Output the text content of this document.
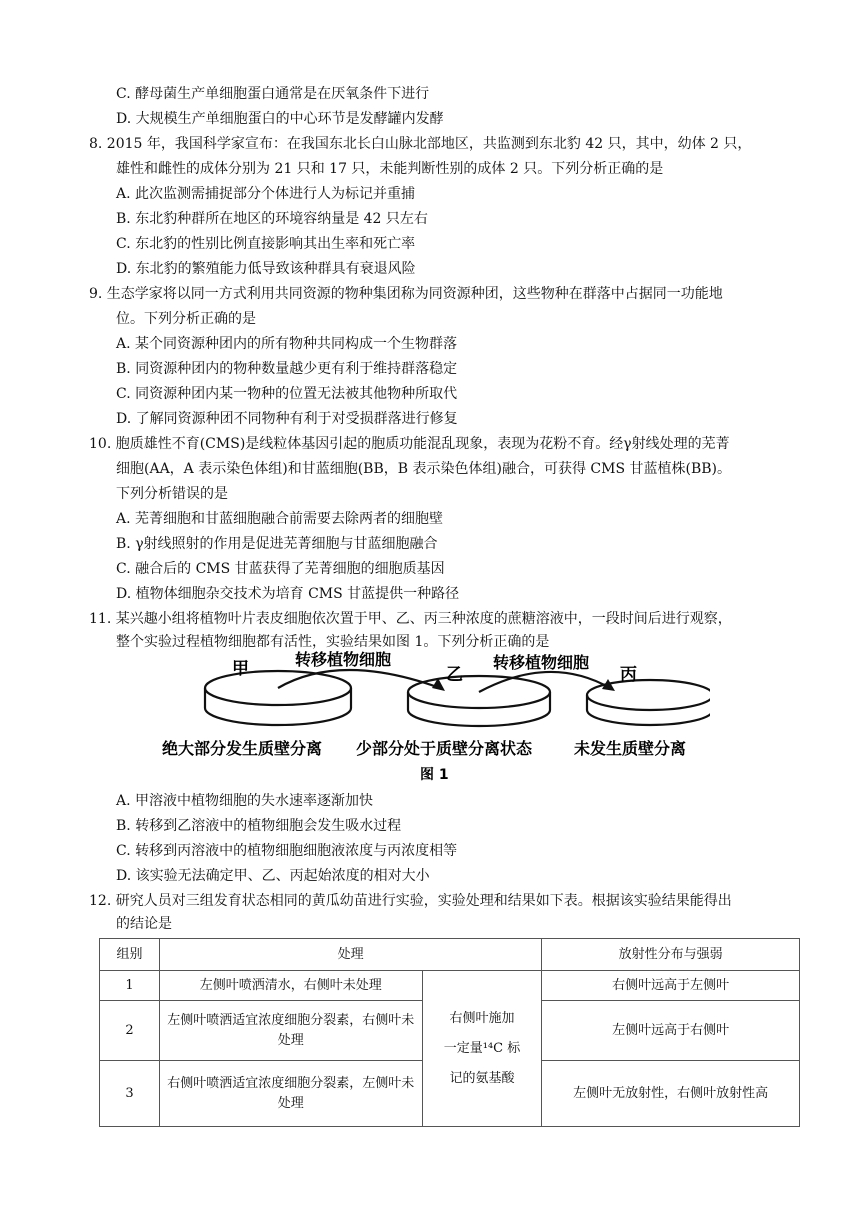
C. 酵母菌生产单细胞蛋白通常是在厌氧条件下进行
D. 大规模生产单细胞蛋白的中心环节是发酵罐内发酵
8. 2015 年，我国科学家宣布：在我国东北长白山脉北部地区，共监测到东北豹 42 只，其中，幼体 2 只，
雄性和雌性的成体分别为 21 只和 17 只，未能判断性别的成体 2 只。下列分析正确的是
A. 此次监测需捕捉部分个体进行人为标记并重捕
B. 东北豹种群所在地区的环境容纳量是 42 只左右
C. 东北豹的性别比例直接影响其出生率和死亡率
D. 东北豹的繁殖能力低导致该种群具有衰退风险
9. 生态学家将以同一方式利用共同资源的物种集团称为同资源种团，这些物种在群落中占据同一功能地
位。下列分析正确的是
A. 某个同资源种团内的所有物种共同构成一个生物群落
B. 同资源种团内的物种数量越少更有利于维持群落稳定
C. 同资源种团内某一物种的位置无法被其他物种所取代
D. 了解同资源种团不同物种有利于对受损群落进行修复
10. 胞质雄性不育(CMS)是线粒体基因引起的胞质功能混乱现象，表现为花粉不育。经γ射线处理的芜菁
细胞(AA，A 表示染色体组)和甘蓝细胞(BB，B 表示染色体组)融合，可获得 CMS 甘蓝植株(BB)。
下列分析错误的是
A. 芜菁细胞和甘蓝细胞融合前需要去除两者的细胞壁
B. γ射线照射的作用是促进芜菁细胞与甘蓝细胞融合
C. 融合后的 CMS 甘蓝获得了芜菁细胞的细胞质基因
D. 植物体细胞杂交技术为培育 CMS 甘蓝提供一种路径
11. 某兴趣小组将植物叶片表皮细胞依次置于甲、乙、丙三种浓度的蔗糖溶液中，一段时间后进行观察，
整个实验过程植物细胞都有活性，实验结果如图 1。下列分析正确的是
甲	乙	丙
转移植物细胞	转移植物细胞
绝大部分发生质壁分离 少部分处于质壁分离状态	未发生质壁分离
图 1
A. 甲溶液中植物细胞的失水速率逐渐加快
B. 转移到乙溶液中的植物细胞会发生吸水过程
C. 转移到丙溶液中的植物细胞细胞液浓度与丙浓度相等
D. 该实验无法确定甲、乙、丙起始浓度的相对大小
12. 研究人员对三组发育状态相同的黄瓜幼苗进行实验，实验处理和结果如下表。根据该实验结果能得出
的结论是
组别	处理		放射性分布与强弱
1	左侧叶喷洒清水，右侧叶未处理	右侧叶施加
一定量¹⁴C 标
记的氨基酸	右侧叶远高于左侧叶
2	左侧叶喷洒适宜浓度细胞分裂素，右侧叶未处理		左侧叶远高于右侧叶
3	右侧叶喷洒适宜浓度细胞分裂素，左侧叶未处理		左侧叶无放射性，右侧叶放射性高
